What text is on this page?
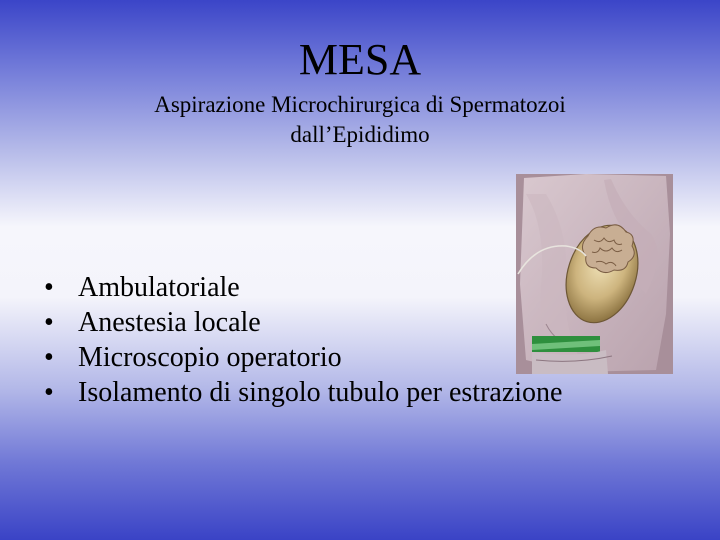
MESA
Aspirazione Microchirurgica di Spermatozoi
dall’Epididimo
• Ambulatoriale
• Anestesia locale
• Microscopio operatorio
• Isolamento di singolo tubulo per estrazione
